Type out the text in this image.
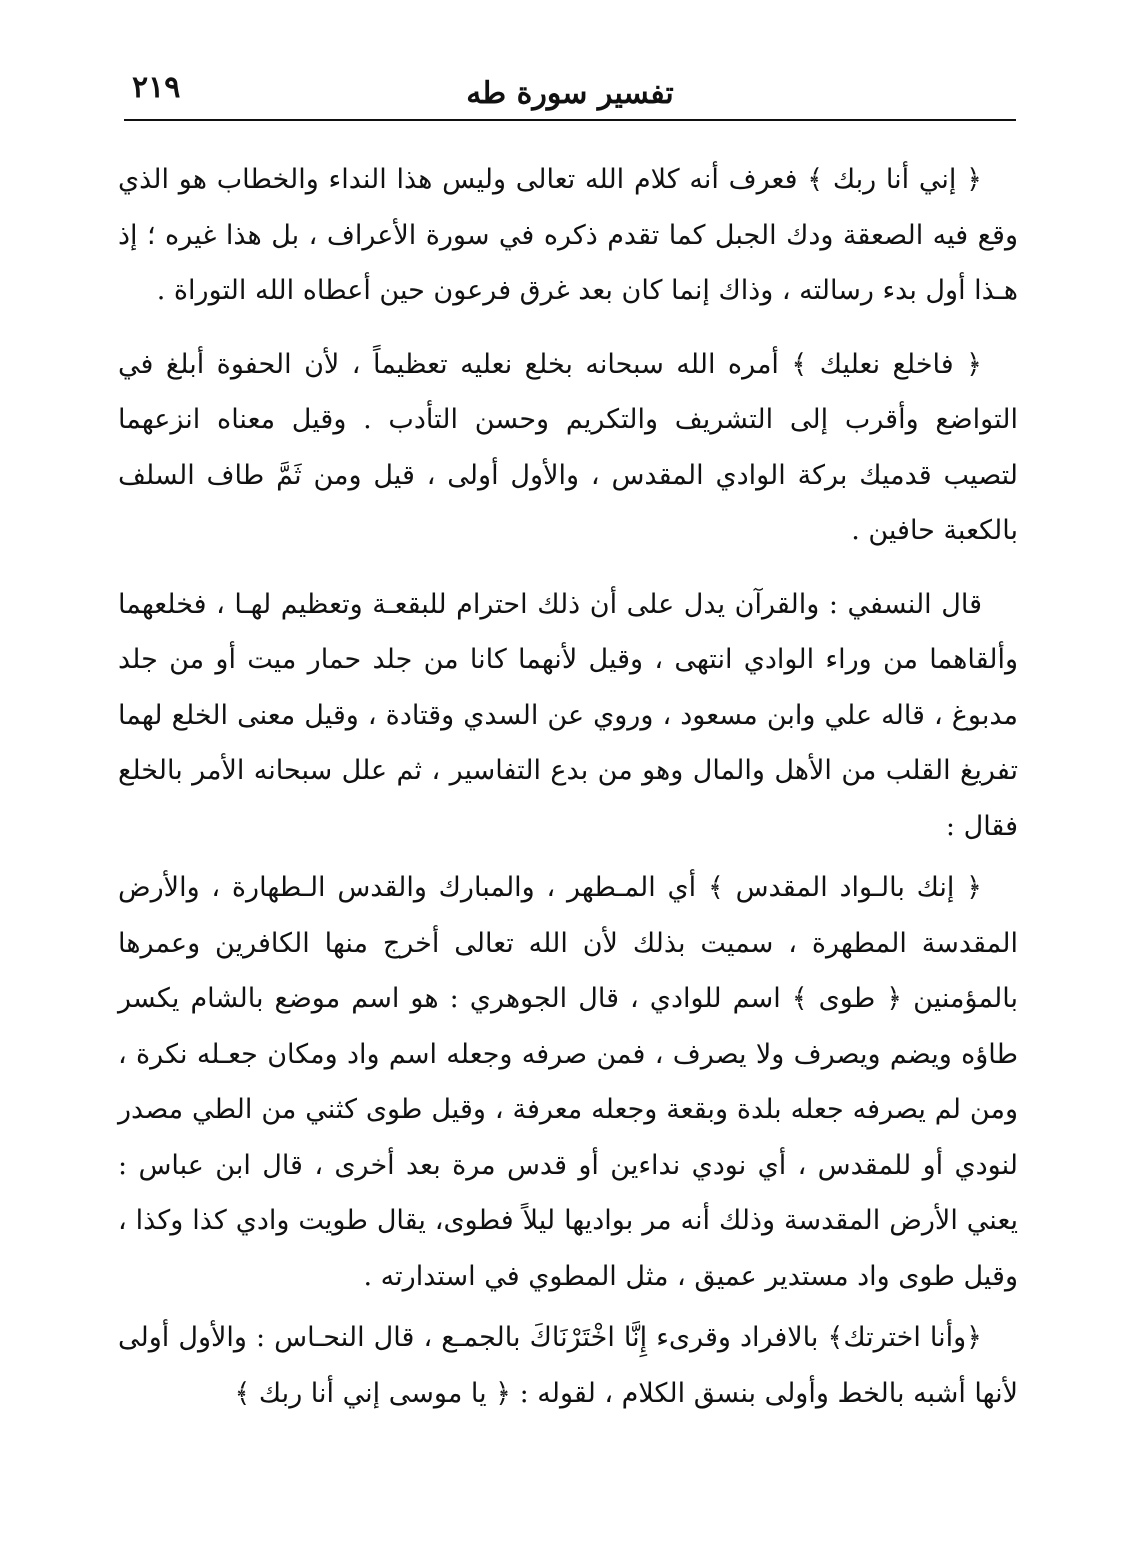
تفسير سورة طه
٢١٩

﴿ إني أنا ربك ﴾ فعرف أنه كلام الله تعالى وليس هذا النداء والخطاب هو الذي وقع فيه الصعقة ودك الجبل كما تقدم ذكره في سورة الأعراف ، بل هذا غيره ؛ إذ هـذا أول بدء رسالته ، وذاك إنما كان بعد غرق فرعون حين أعطاه الله التوراة .

﴿ فاخلع نعليك ﴾ أمره الله سبحانه بخلع نعليه تعظيماً ، لأن الحفوة أبلغ في التواضع وأقرب إلى التشريف والتكريم وحسن التأدب . وقيل معناه انزعهما لتصيب قدميك بركة الوادي المقدس ، والأول أولى ، قيل ومن ثَمَّ طاف السلف بالكعبة حافين .

قال النسفي : والقرآن يدل على أن ذلك احترام للبقعـة وتعظيم لهـا ، فخلعهما وألقاهما من وراء الوادي انتهى ، وقيل لأنهما كانا من جلد حمار ميت أو من جلد مدبوغ ، قاله علي وابن مسعود ، وروي عن السدي وقتادة ، وقيل معنى الخلع لهما تفريغ القلب من الأهل والمال وهو من بدع التفاسير ، ثم علل سبحانه الأمر بالخلع فقال :

﴿ إنك بالـواد المقدس ﴾ أي المـطهر ، والمبارك والقدس الـطهارة ، والأرض المقدسة المطهرة ، سميت بذلك لأن الله تعالى أخرج منها الكافرين وعمرها بالمؤمنين ﴿ طوى ﴾ اسم للوادي ، قال الجوهري : هو اسم موضع بالشام يكسر طاؤه ويضم ويصرف ولا يصرف ، فمن صرفه وجعله اسم واد ومكان جعـله نكرة ، ومن لم يصرفه جعله بلدة وبقعة وجعله معرفة ، وقيل طوى كثني من الطي مصدر لنودي أو للمقدس ، أي نودي نداءين أو قدس مرة بعد أخرى ، قال ابن عباس : يعني الأرض المقدسة وذلك أنه مر بواديها ليلاً فطوى، يقال طويت وادي كذا وكذا ، وقيل طوى واد مستدير عميق ، مثل المطوي في استدارته .

﴿وأنا اخترتك﴾ بالافراد وقرىء إِنَّا اخْتَرْنَاكَ بالجمـع ، قال النحـاس : والأول أولى لأنها أشبه بالخط وأولى بنسق الكلام ، لقوله : ﴿ يا موسى إني أنا ربك ﴾
